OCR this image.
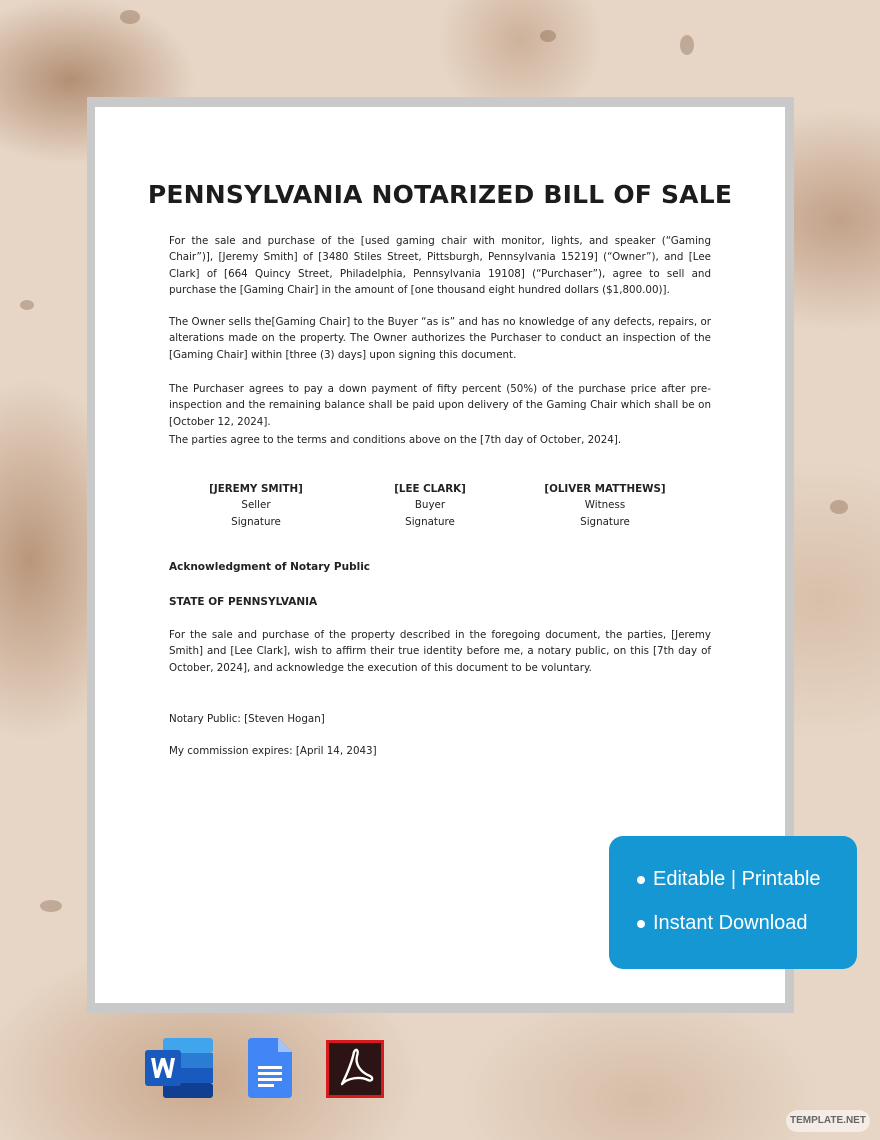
PENNSYLVANIA NOTARIZED BILL OF SALE

For the sale and purchase of the [used gaming chair with monitor, lights, and speaker (“Gaming Chair”)], [Jeremy Smith] of [3480 Stiles Street, Pittsburgh, Pennsylvania 15219] (“Owner”), and [Lee Clark] of [664 Quincy Street, Philadelphia, Pennsylvania 19108] (“Purchaser”), agree to sell and purchase the [Gaming Chair] in the amount of [one thousand eight hundred dollars ($1,800.00)].

The Owner sells the[Gaming Chair] to the Buyer “as is” and has no knowledge of any defects, repairs, or alterations made on the property. The Owner authorizes the Purchaser to conduct an inspection of the [Gaming Chair] within [three (3) days] upon signing this document.

The Purchaser agrees to pay a down payment of fifty percent (50%) of the purchase price after pre-inspection and the remaining balance shall be paid upon delivery of the Gaming Chair which shall be on [October 12, 2024].

The parties agree to the terms and conditions above on the [7th day of October, 2024].

[JEREMY SMITH]
Seller
Signature
[LEE CLARK]
Buyer
Signature
[OLIVER MATTHEWS]
Witness
Signature
Acknowledgment of Notary Public
STATE OF PENNSYLVANIA

For the sale and purchase of the property described in the foregoing document, the parties, [Jeremy Smith] and [Lee Clark], wish to affirm their true identity before me, a notary public, on this [7th day of October, 2024], and acknowledge the execution of this document to be voluntary.

Notary Public: [Steven Hogan]

My commission expires: [April 14, 2043]

Editable | Printable
Instant Download
TEMPLATE.NET
